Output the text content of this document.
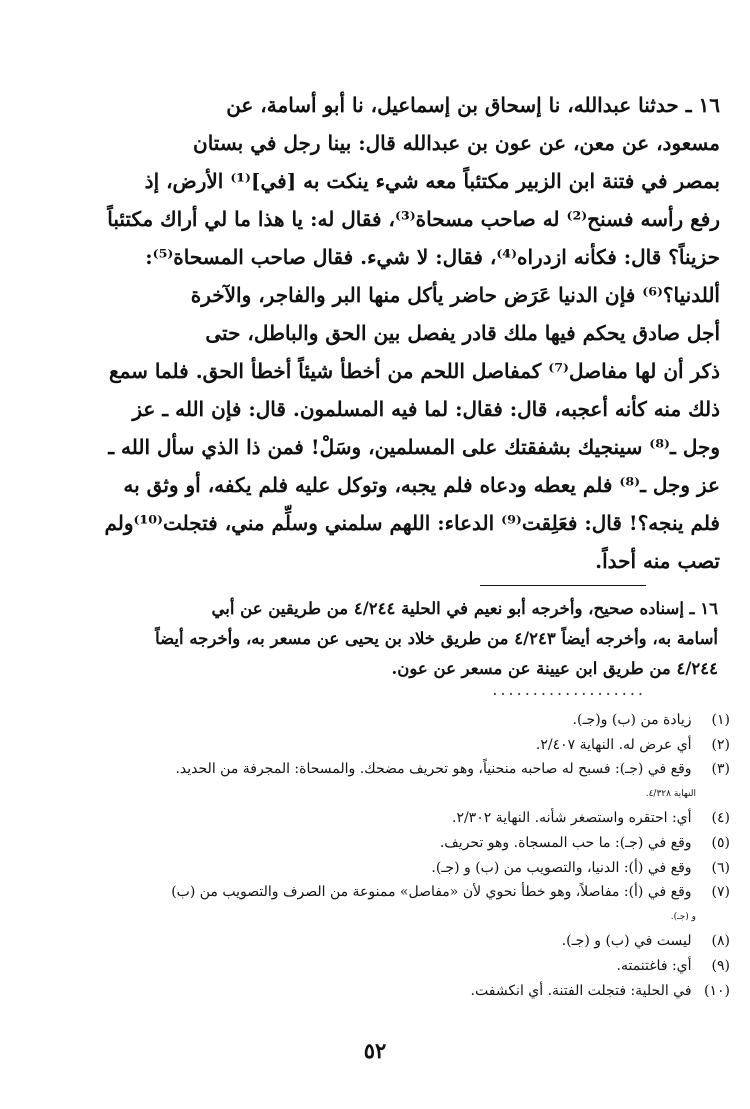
١٦ ـ حدثنا عبدالله، نا إسحاق بن إسماعيل، نا أبو أسامة، عن
مسعود، عن معن، عن عون بن عبدالله قال: بينا رجل في بستان
بمصر في فتنة ابن الزبير مكتئباً معه شيء ينكت به [في]⁽¹⁾ الأرض، إذ
رفع رأسه فسنح⁽²⁾ له صاحب مسحاة⁽³⁾، فقال له: يا هذا ما لي أراك مكتئباً
حزيناً؟ قال: فكأنه ازدراه⁽⁴⁾، فقال: لا شيء. فقال صاحب المسحاة⁽⁵⁾:
أللدنيا؟⁽⁶⁾ فإن الدنيا عَرَض حاضر يأكل منها البر والفاجر، والآخرة
أجل صادق يحكم فيها ملك قادر يفصل بين الحق والباطل، حتى
ذكر أن لها مفاصل⁽⁷⁾ كمفاصل اللحم من أخطأ شيئاً أخطأ الحق. فلما سمع
ذلك منه كأنه أعجبه، قال: فقال: لما فيه المسلمون. قال: فإن الله ـ عز
وجل ـ⁽⁸⁾ سينجيك بشفقتك على المسلمين، وسَلْ! فمن ذا الذي سأل الله ـ
عز وجل ـ⁽⁸⁾ فلم يعطه ودعاه فلم يجبه، وتوكل عليه فلم يكفه، أو وثق به
فلم ينجه؟! قال: فعَلِقت⁽⁹⁾ الدعاء: اللهم سلمني وسلِّم مني، فتجلت⁽¹⁰⁾ولم
تصب منه أحداً.
١٦ ـ إسناده صحيح، وأخرجه أبو نعيم في الحلية ٤/٢٤٤ من طريقين عن أبي
أسامة به، وأخرجه أيضاً ٤/٢٤٣ من طريق خلاد بن يحيى عن مسعر به، وأخرجه أيضاً
٤/٢٤٤ من طريق ابن عيينة عن مسعر عن عون.
...................
(١) زيادة من (ب) و(جـ).
(٢) أي عرض له. النهاية ٢/٤٠٧.
(٣) وقع في (جـ): فسبح له صاحبه منحنياً، وهو تحريف مضحك. والمسحاة: المجرفة من الحديد.
النهاية ٤/٣٢٨.
(٤) أي: احتقره واستصغر شأنه. النهاية ٢/٣٠٢.
(٥) وقع في (جـ): ما حب المسجاة. وهو تحريف.
(٦) وقع في (أ): الدنيا، والتصويب من (ب) و (جـ).
(٧) وقع في (أ): مفاصلاً، وهو خطأ نحوي لأن «مفاصل» ممنوعة من الصرف والتصويب من (ب)
و (جـ).
(٨) ليست في (ب) و (جـ).
(٩) أي: فاغتنمته.
(١٠) في الحلية: فتجلت الفتنة. أي انكشفت.
٥٢
